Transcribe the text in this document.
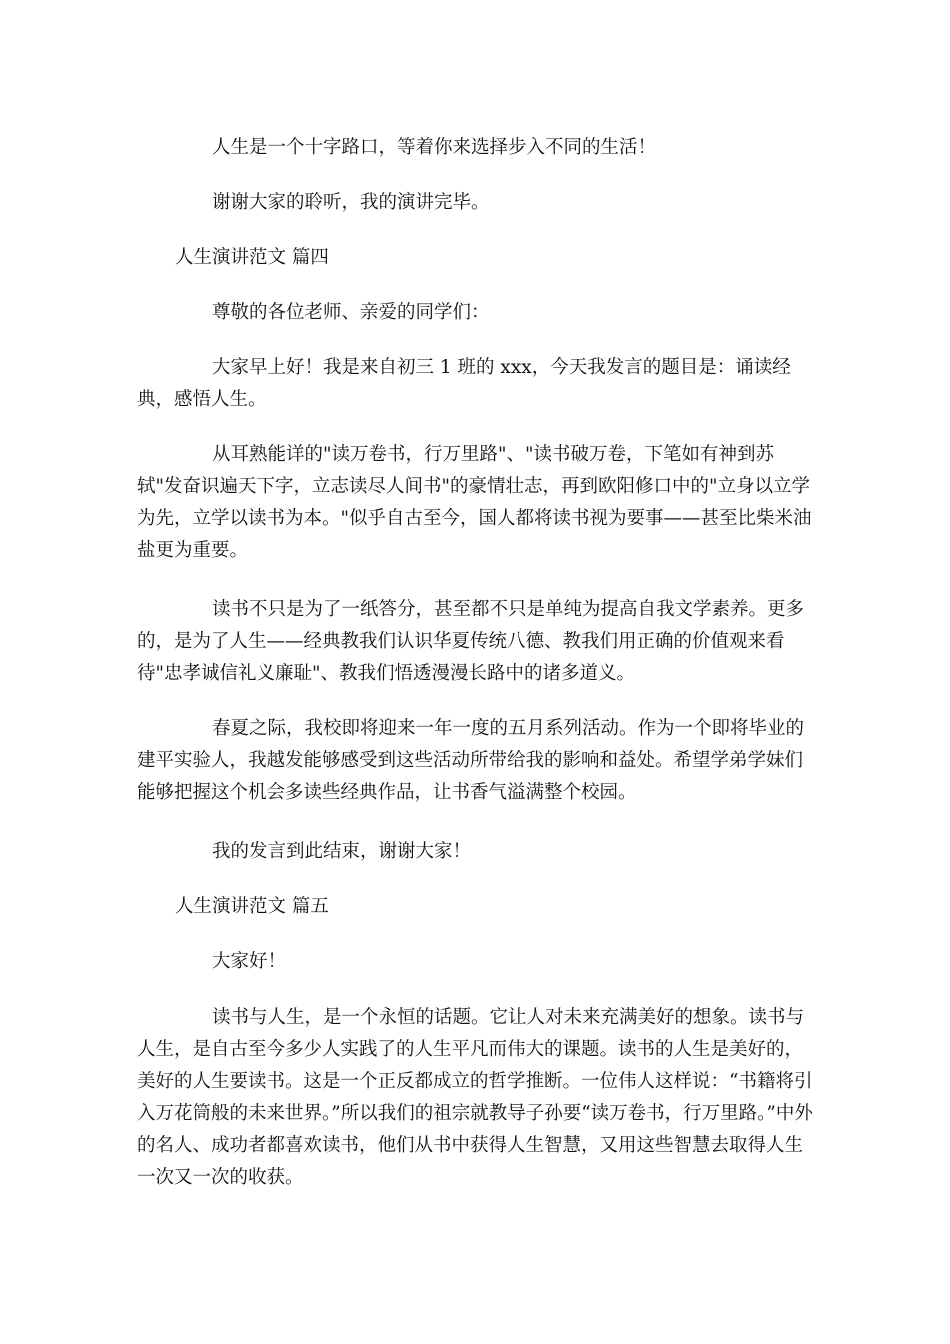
人生是一个十字路口，等着你来选择步入不同的生活！

谢谢大家的聆听，我的演讲完毕。

人生演讲范文 篇四

尊敬的各位老师、亲爱的同学们：

大家早上好！我是来自初三 1 班的 xxx，今天我发言的题目是：诵读经典，感悟人生。

从耳熟能详的"读万卷书，行万里路"、"读书破万卷，下笔如有神到苏轼"发奋识遍天下字，立志读尽人间书"的豪情壮志，再到欧阳修口中的"立身以立学为先，立学以读书为本。"似乎自古至今，国人都将读书视为要事——甚至比柴米油盐更为重要。

读书不只是为了一纸答分，甚至都不只是单纯为提高自我文学素养。更多的，是为了人生——经典教我们认识华夏传统八德、教我们用正确的价值观来看待"忠孝诚信礼义廉耻"、教我们悟透漫漫长路中的诸多道义。

春夏之际，我校即将迎来一年一度的五月系列活动。作为一个即将毕业的建平实验人，我越发能够感受到这些活动所带给我的影响和益处。希望学弟学妹们能够把握这个机会多读些经典作品，让书香气溢满整个校园。

我的发言到此结束，谢谢大家！

人生演讲范文 篇五

大家好！

读书与人生，是一个永恒的话题。它让人对未来充满美好的想象。读书与人生，是自古至今多少人实践了的人生平凡而伟大的课题。读书的人生是美好的，美好的人生要读书。这是一个正反都成立的哲学推断。一位伟人这样说：“书籍将引入万花筒般的未来世界。”所以我们的祖宗就教导子孙要“读万卷书，行万里路。”中外的名人、成功者都喜欢读书，他们从书中获得人生智慧，又用这些智慧去取得人生一次又一次的收获。
